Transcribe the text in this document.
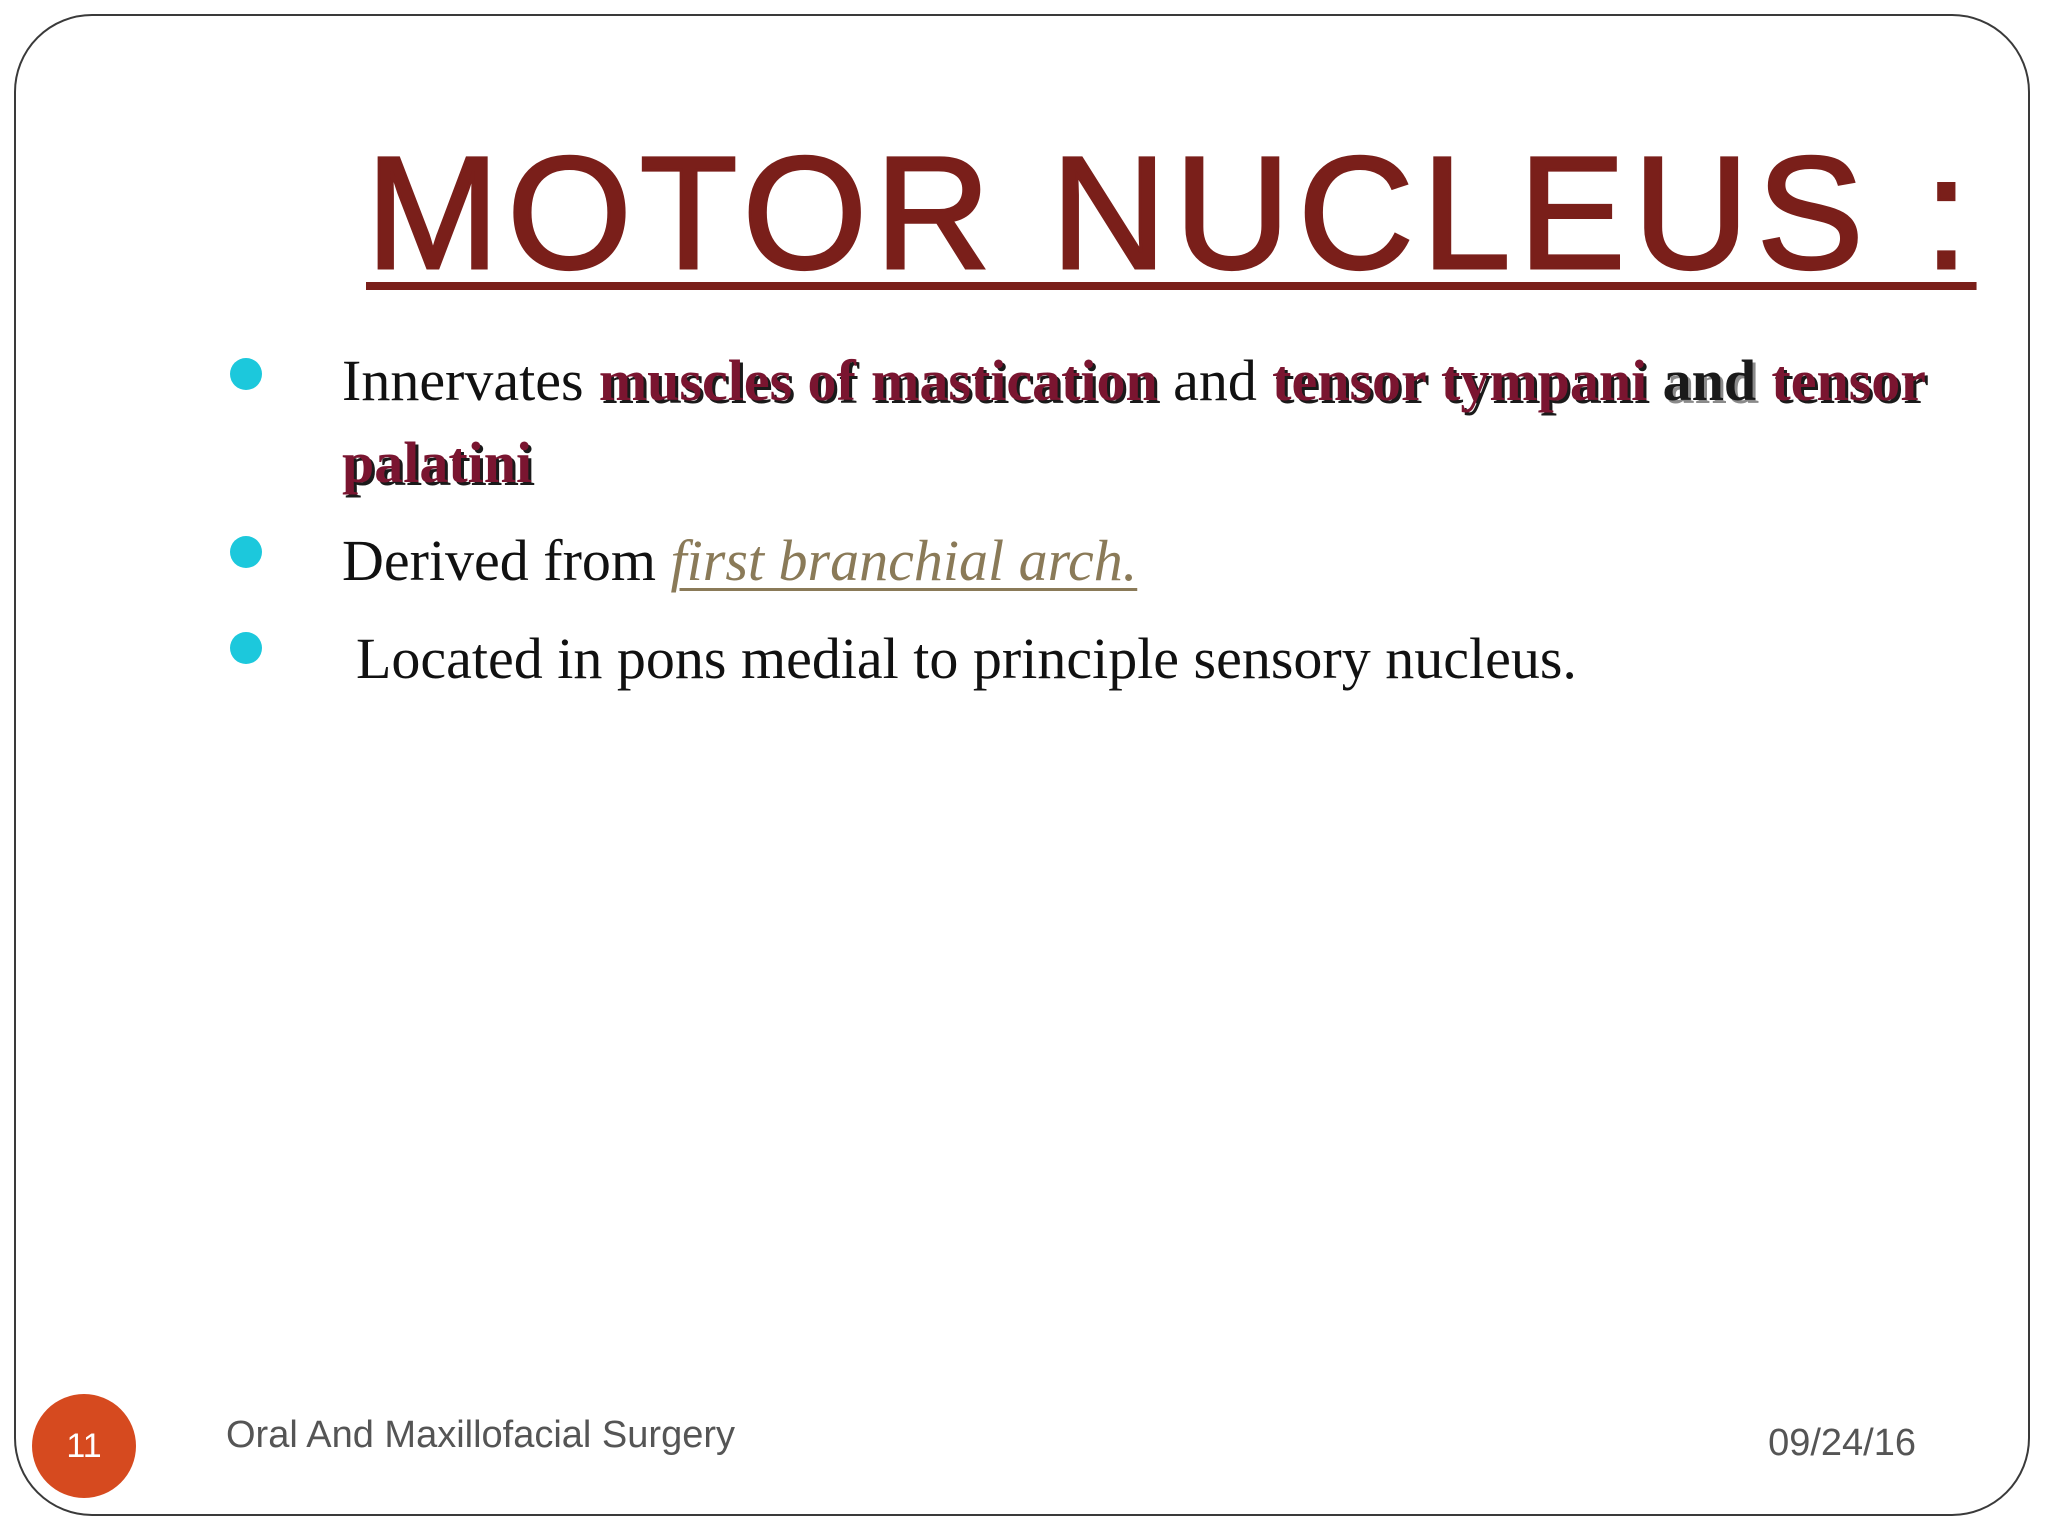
MOTOR NUCLEUS :
Innervates muscles of mastication and tensor tympani and tensor palatini
Derived from first branchial arch.
Located in pons medial to principle sensory nucleus.
11	Oral And Maxillofacial Surgery	09/24/16
